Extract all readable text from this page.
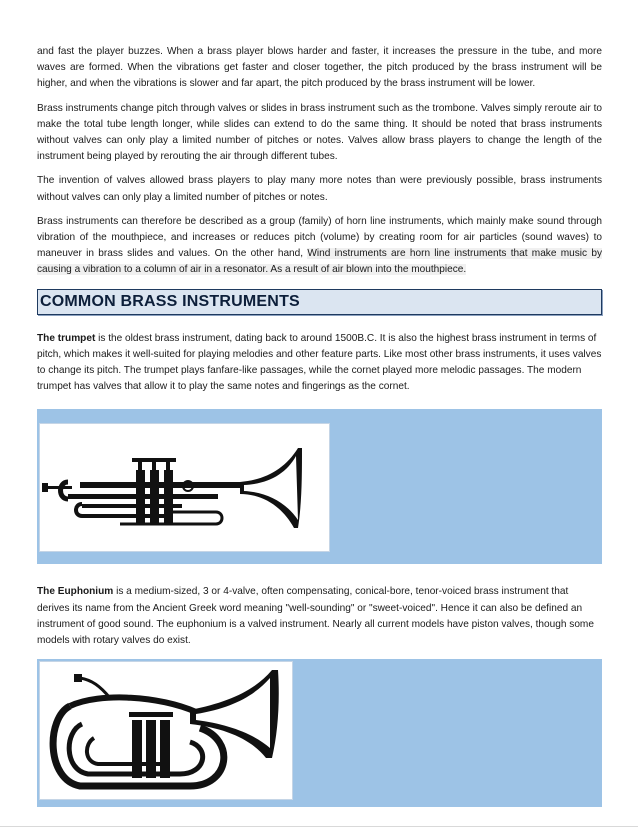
and fast the player buzzes. When a brass player blows harder and faster, it increases the pressure in the tube, and more waves are formed. When the vibrations get faster and closer together, the pitch produced by the brass instrument will be higher, and when the vibrations is slower and far apart, the pitch produced by the brass instrument will be lower.

Brass instruments change pitch through valves or slides in brass instrument such as the trombone. Valves simply reroute air to make the total tube length longer, while slides can extend to do the same thing. It should be noted that brass instruments without valves can only play a limited number of pitches or notes. Valves allow brass players to change the length of the instrument being played by rerouting the air through different tubes.

The invention of valves allowed brass players to play many more notes than were previously possible, brass instruments without valves can only play a limited number of pitches or notes.

Brass instruments can therefore be described as a group (family) of horn line instruments, which mainly make sound through vibration of the mouthpiece, and increases or reduces pitch (volume) by creating room for air particles (sound waves) to maneuver in brass slides and values. On the other hand, Wind instruments are horn line instruments that make music by causing a vibration to a column of air in a resonator. As a result of air blown into the mouthpiece.

COMMON BRASS INSTRUMENTS

The trumpet is the oldest brass instrument, dating back to around 1500B.C. It is also the highest brass instrument in terms of pitch, which makes it well-suited for playing melodies and other feature parts. Like most other brass instruments, it uses valves to change its pitch. The trumpet plays fanfare-like passages, while the cornet played more melodic passages. The modern trumpet has valves that allow it to play the same notes and fingerings as the cornet.

The Euphonium is a medium-sized, 3 or 4-valve, often compensating, conical-bore, tenor-voiced brass instrument that derives its name from the Ancient Greek word meaning "well-sounding" or "sweet-voiced". Hence it can also be defined an instrument of good sound. The euphonium is a valved instrument. Nearly all current models have piston valves, though some models with rotary valves do exist.
